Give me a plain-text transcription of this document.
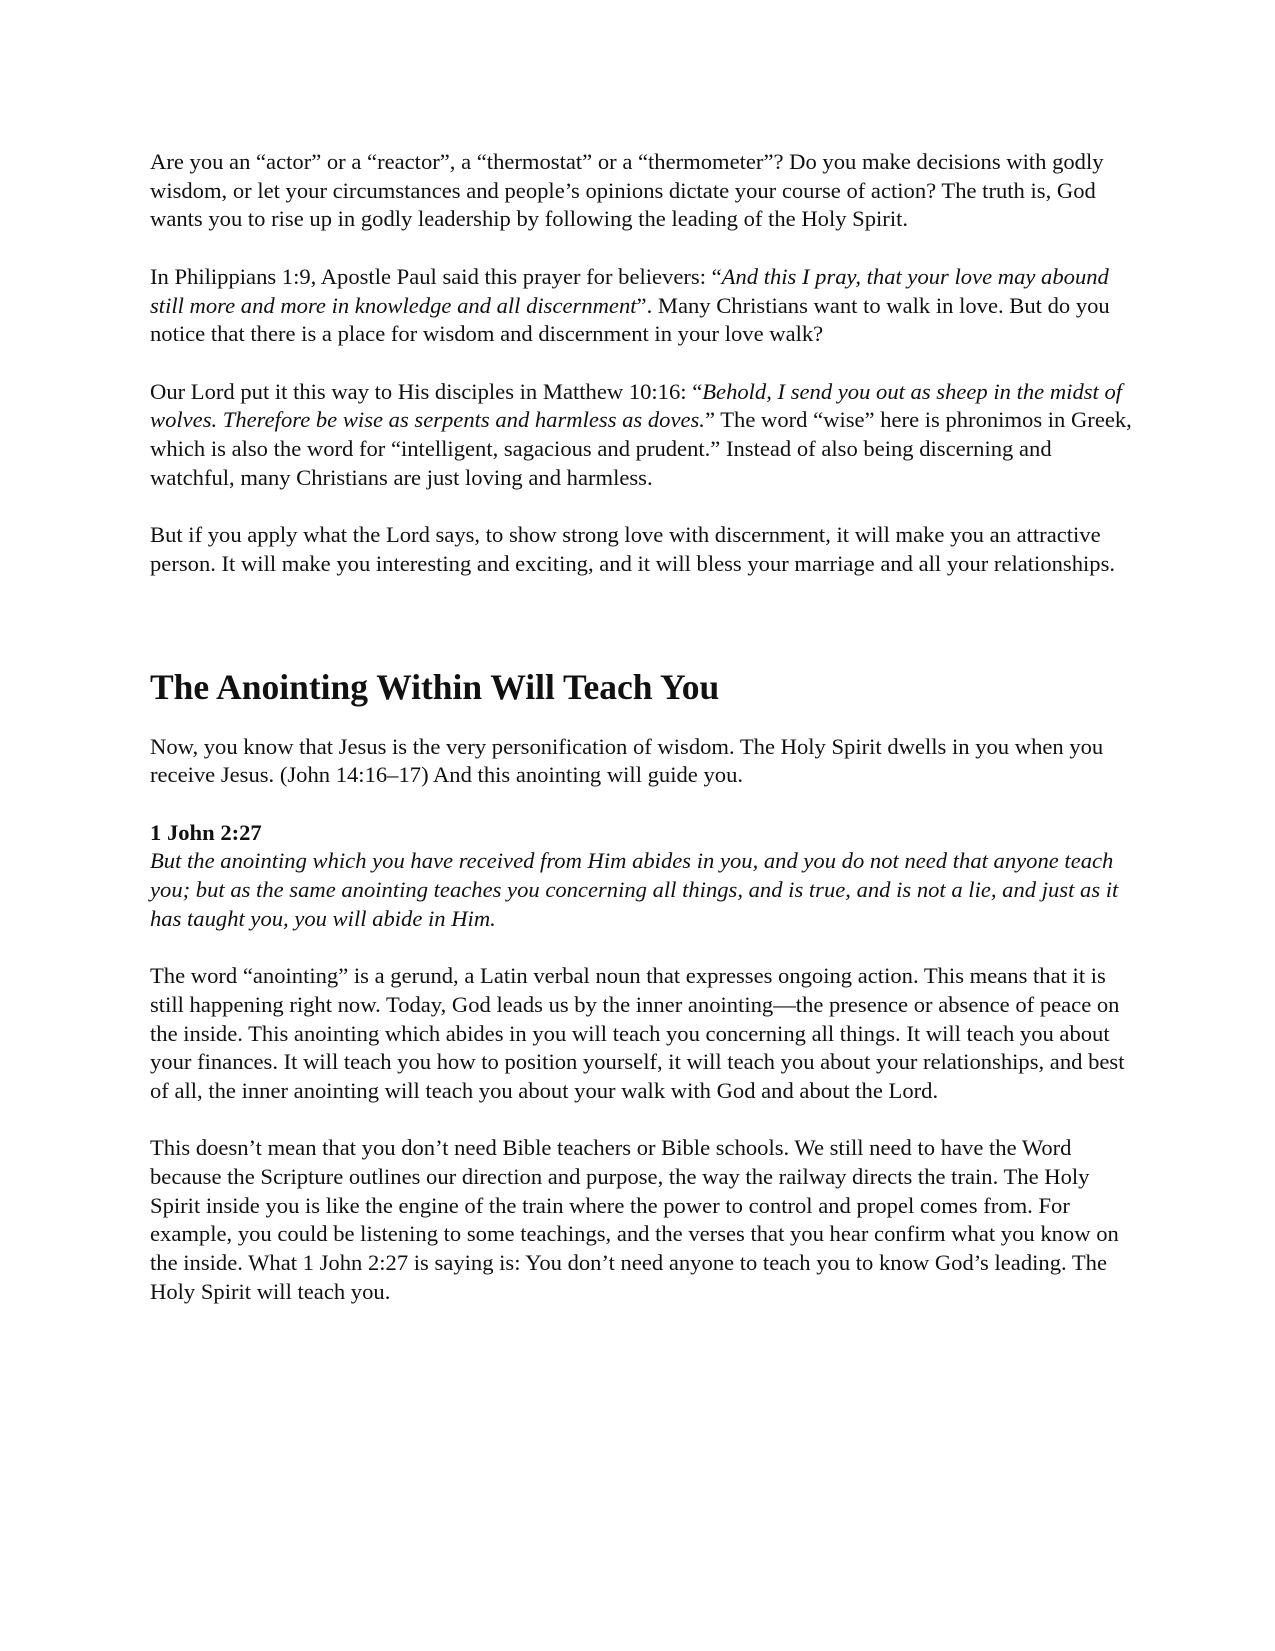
Are you an “actor” or a “reactor”, a “thermostat” or a “thermometer”? Do you make decisions with godly wisdom, or let your circumstances and people’s opinions dictate your course of action? The truth is, God wants you to rise up in godly leadership by following the leading of the Holy Spirit.

In Philippians 1:9, Apostle Paul said this prayer for believers: “And this I pray, that your love may abound still more and more in knowledge and all discernment”. Many Christians want to walk in love. But do you notice that there is a place for wisdom and discernment in your love walk?

Our Lord put it this way to His disciples in Matthew 10:16: “Behold, I send you out as sheep in the midst of wolves. Therefore be wise as serpents and harmless as doves.” The word “wise” here is phronimos in Greek, which is also the word for “intelligent, sagacious and prudent.” Instead of also being discerning and watchful, many Christians are just loving and harmless.

But if you apply what the Lord says, to show strong love with discernment, it will make you an attractive person. It will make you interesting and exciting, and it will bless your marriage and all your relationships.

The Anointing Within Will Teach You

Now, you know that Jesus is the very personification of wisdom. The Holy Spirit dwells in you when you receive Jesus. (John 14:16–17) And this anointing will guide you.

1 John 2:27

But the anointing which you have received from Him abides in you, and you do not need that anyone teach you; but as the same anointing teaches you concerning all things, and is true, and is not a lie, and just as it has taught you, you will abide in Him.

The word “anointing” is a gerund, a Latin verbal noun that expresses ongoing action. This means that it is still happening right now. Today, God leads us by the inner anointing—the presence or absence of peace on the inside. This anointing which abides in you will teach you concerning all things. It will teach you about your finances. It will teach you how to position yourself, it will teach you about your relationships, and best of all, the inner anointing will teach you about your walk with God and about the Lord.

This doesn’t mean that you don’t need Bible teachers or Bible schools. We still need to have the Word because the Scripture outlines our direction and purpose, the way the railway directs the train. The Holy Spirit inside you is like the engine of the train where the power to control and propel comes from. For example, you could be listening to some teachings, and the verses that you hear confirm what you know on the inside. What 1 John 2:27 is saying is: You don’t need anyone to teach you to know God’s leading. The Holy Spirit will teach you.
